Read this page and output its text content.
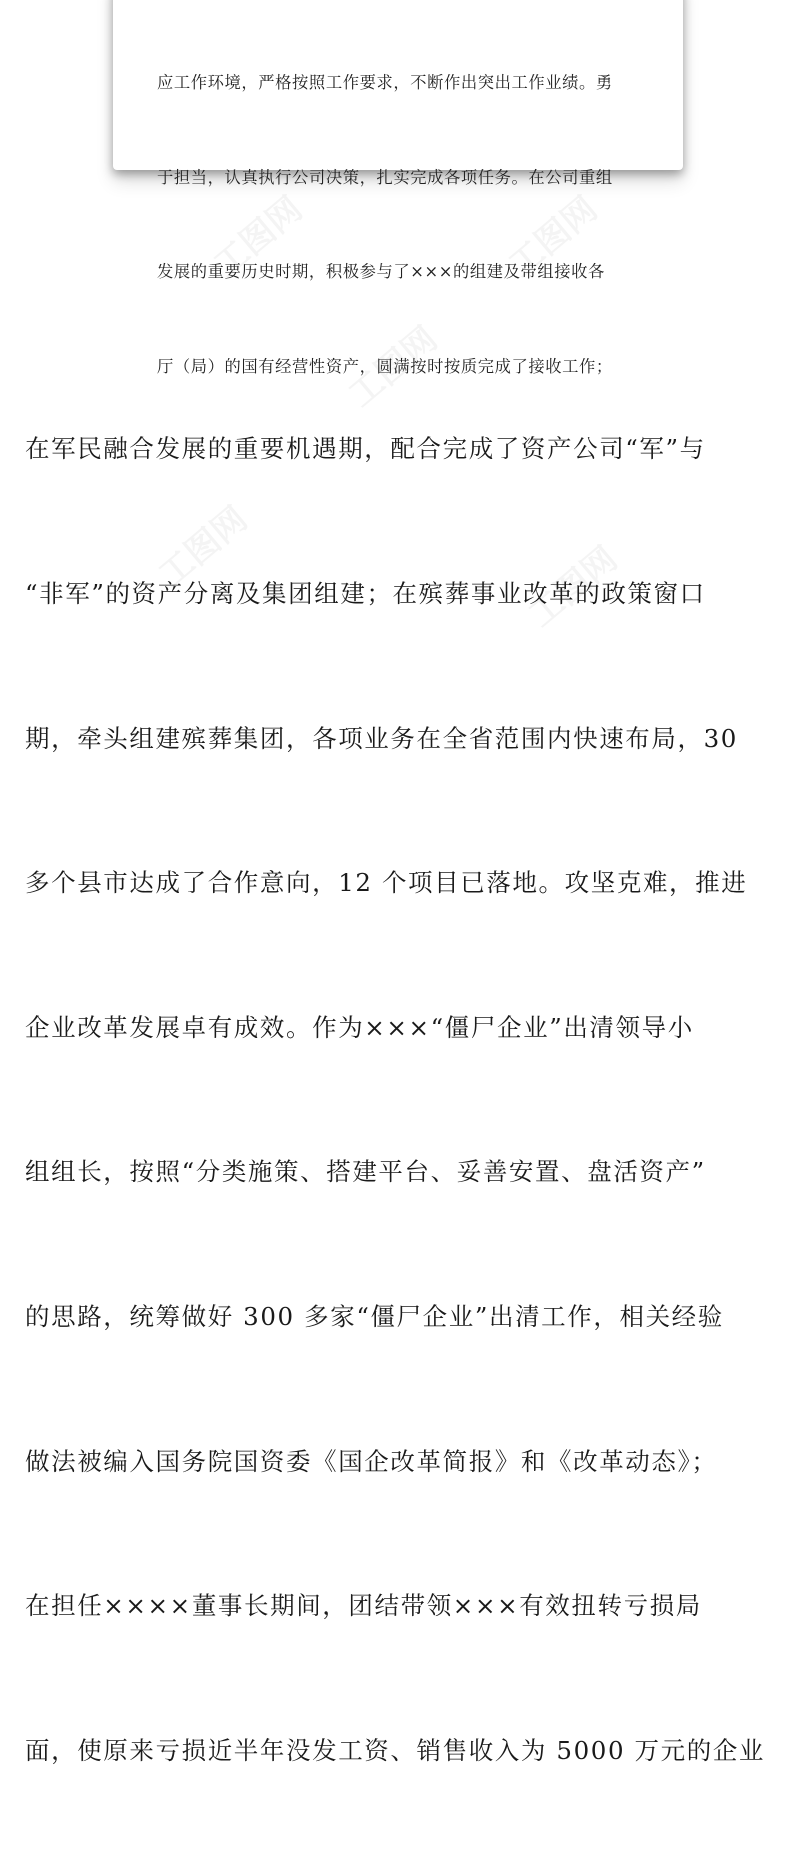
应工作环境，严格按照工作要求，不断作出突出工作业绩。勇

于担当，认真执行公司决策，扎实完成各项任务。在公司重组

发展的重要历史时期，积极参与了×××的组建及带组接收各

厅（局）的国有经营性资产，圆满按时按质完成了接收工作；

在军民融合发展的重要机遇期，配合完成了资产公司“军”与

“非军”的资产分离及集团组建；在殡葬事业改革的政策窗口

期，牵头组建殡葬集团，各项业务在全省范围内快速布局，30

多个县市达成了合作意向，12 个项目已落地。攻坚克难，推进

企业改革发展卓有成效。作为×××“僵尸企业”出清领导小

组组长，按照“分类施策、搭建平台、妥善安置、盘活资产”

的思路，统筹做好 300 多家“僵尸企业”出清工作，相关经验

做法被编入国务院国资委《国企改革简报》和《改革动态》；

在担任××××董事长期间，团结带领×××有效扭转亏损局

面，使原来亏损近半年没发工资、销售收入为 5000 万元的企业
